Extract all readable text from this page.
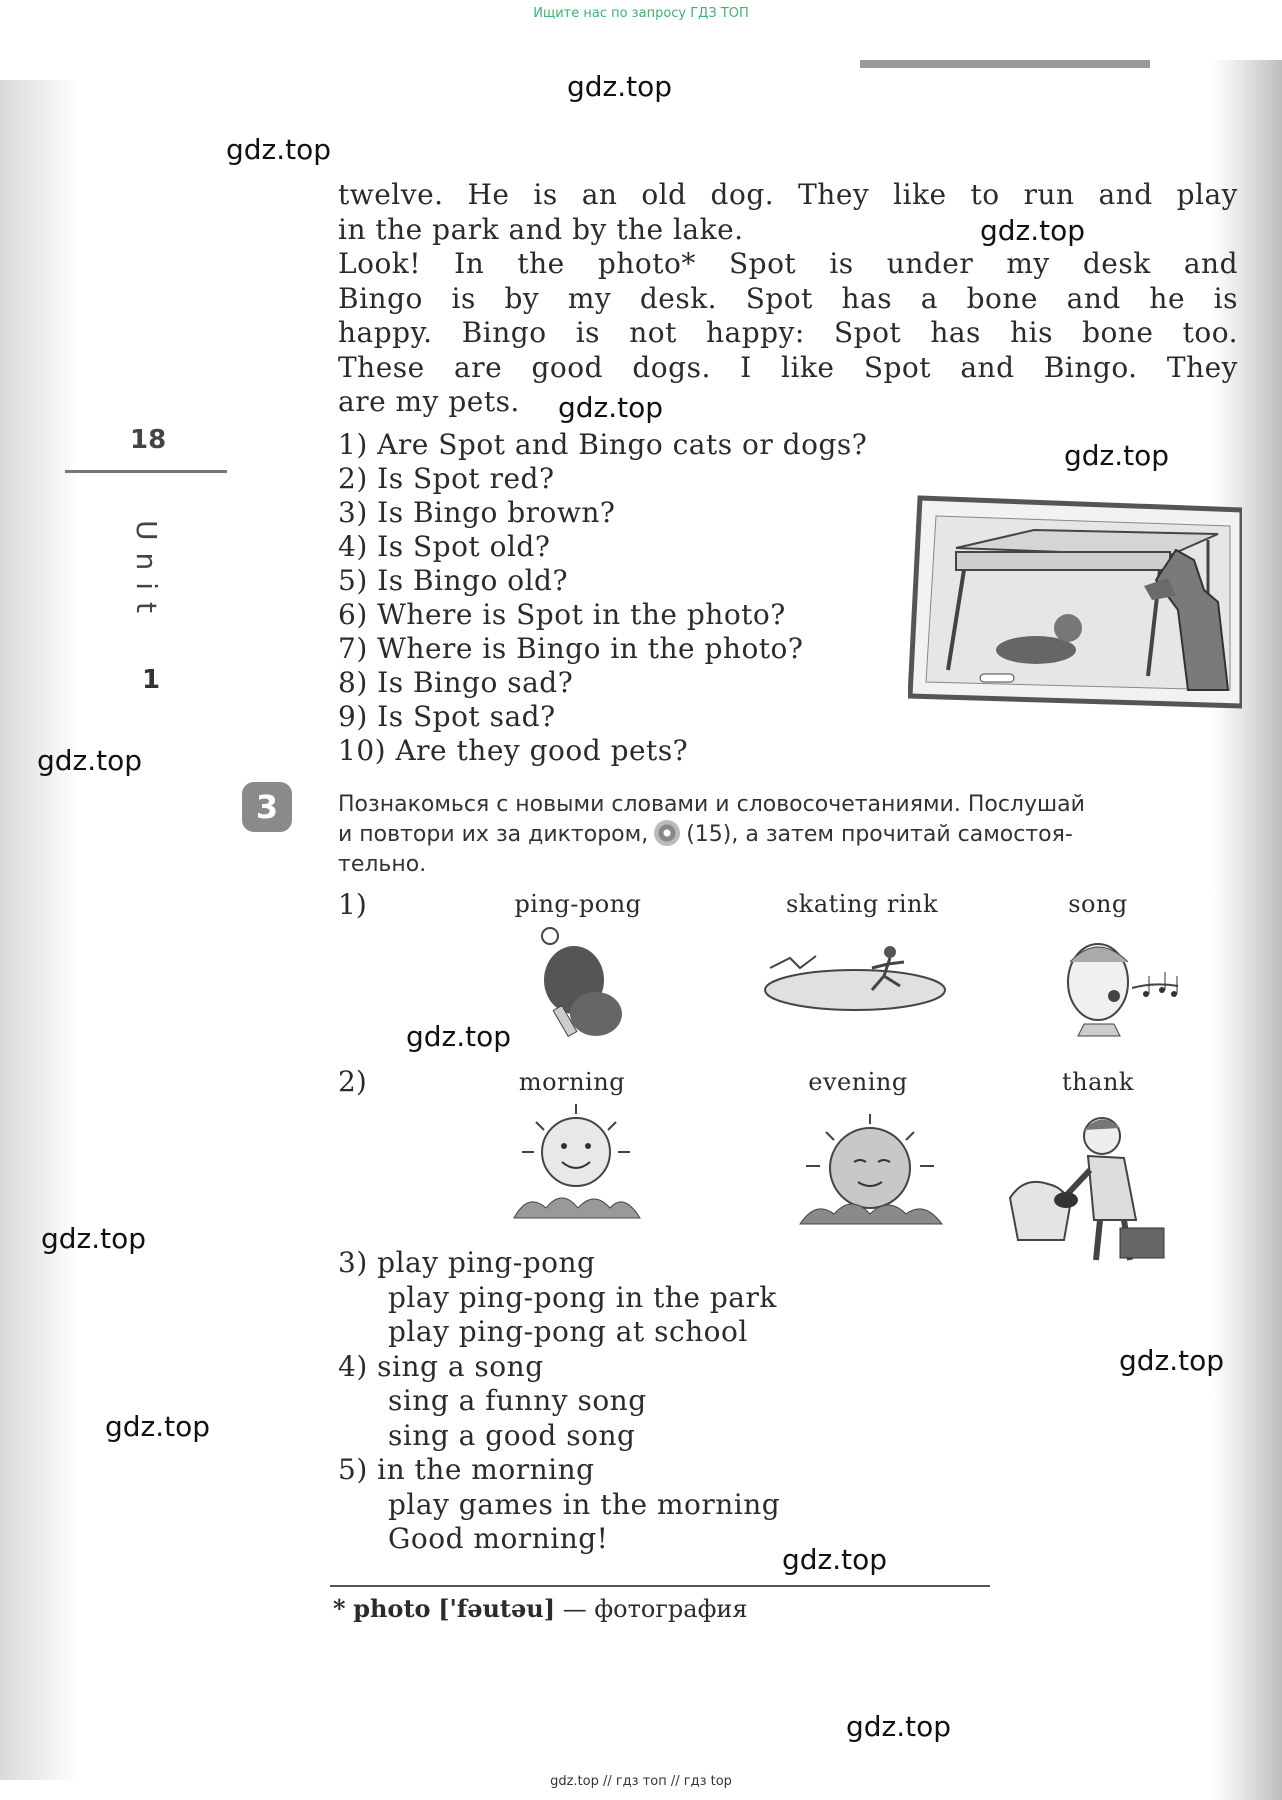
Ищите нас по запросу ГДЗ ТОП
gdz.top
gdz.top
gdz.top
gdz.top
gdz.top
gdz.top
gdz.top
gdz.top
gdz.top
gdz.top
gdz.top
gdz.top
18
Unit
1
twelve. He is an old dog. They like to run and play
in the park and by the lake.
Look! In the photo* Spot is under my desk and
Bingo is by my desk. Spot has a bone and he is
happy. Bingo is not happy: Spot has his bone too.
These are good dogs. I like Spot and Bingo. They
are my pets.
1) Are Spot and Bingo cats or dogs?
2) Is Spot red?
3) Is Bingo brown?
4) Is Spot old?
5) Is Bingo old?
6) Where is Spot in the photo?
7) Where is Bingo in the photo?
8) Is Bingo sad?
9) Is Spot sad?
10) Are they good pets?
3	Познакомься с новыми словами и словосочетаниями. Послушай
и повтори их за диктором, (15), а затем прочитай самостоя-
тельно.
1)	ping-pong	skating rink	song
2)	morning	evening	thank
3) play ping-pong
play ping-pong in the park
play ping-pong at school
4) sing a song
sing a funny song
sing a good song
5) in the morning
play games in the morning
Good morning!
* photo ['fəutəu] — фотография
gdz.top // гдз топ // гдз top
